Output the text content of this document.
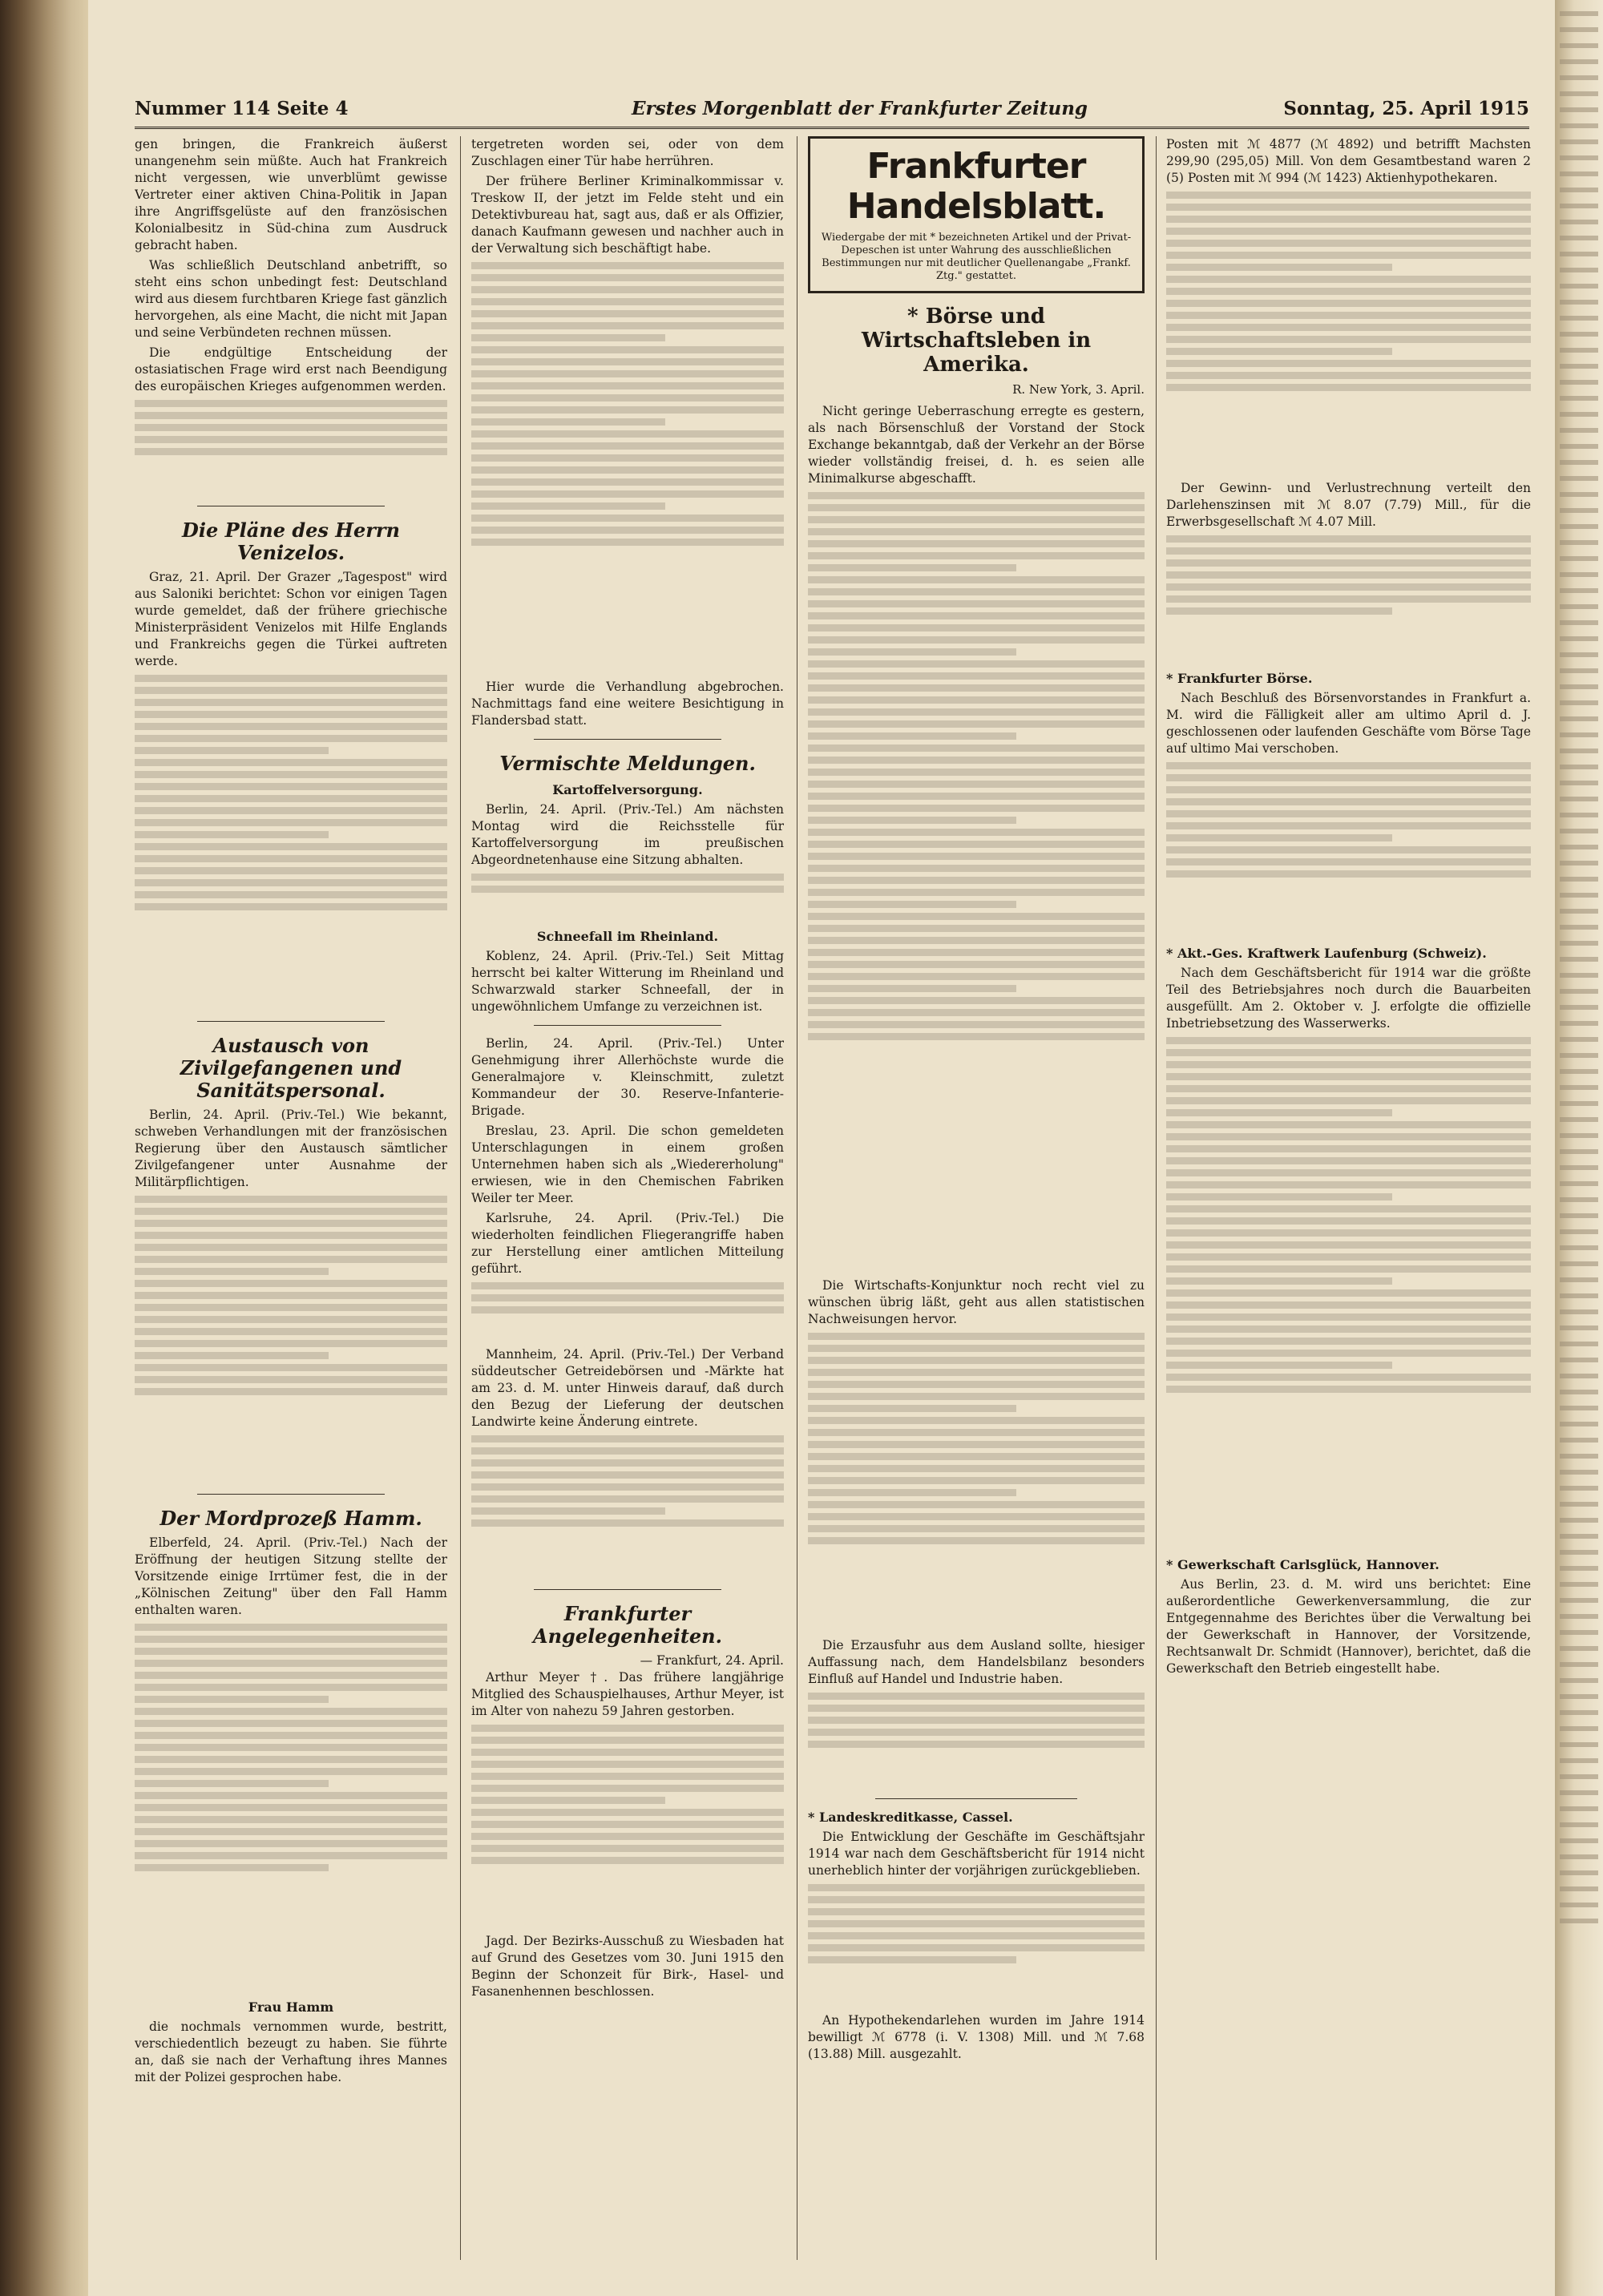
Nummer 114 Seite 4	Erstes Morgenblatt der Frankfurter Zeitung	Sonntag, 25. April 1915

gen bringen, die Frankreich äußerst unangenehm sein müßte. Auch hat Frankreich nicht vergessen, wie unverblümt gewisse Vertreter einer aktiven China-Politik in Japan ihre Angriffsgelüste auf den französischen Kolonialbesitz in Süd-china zum Ausdruck gebracht haben.

Was schließlich Deutschland anbetrifft, so steht eins schon unbedingt fest: Deutschland wird aus diesem furchtbaren Kriege fast gänzlich hervorgehen, als eine Macht, die nicht mit Japan und seine Verbündeten rechnen müssen.

Die endgültige Entscheidung der ostasiatischen Frage wird erst nach Beendigung des europäischen Krieges aufgenommen werden.

Die Pläne des Herrn Venizelos.

Graz, 21. April. Der Grazer „Tagespost" wird aus Saloniki berichtet: Schon vor einigen Tagen wurde gemeldet, daß der frühere griechische Ministerpräsident Venizelos mit Hilfe Englands und Frankreichs gegen die Türkei auftreten werde.

Austausch von Zivilgefangenen und Sanitätspersonal.

Berlin, 24. April. (Priv.-Tel.) Wie bekannt, schweben Verhandlungen mit der französischen Regierung über den Austausch sämtlicher Zivilgefangener unter Ausnahme der Militärpflichtigen.

Der Mordprozeß Hamm.

Elberfeld, 24. April. (Priv.-Tel.) Nach der Eröffnung der heutigen Sitzung stellte der Vorsitzende einige Irrtümer fest, die in der „Kölnischen Zeitung" über den Fall Hamm enthalten waren.

Frau Hamm

die nochmals vernommen wurde, bestritt, verschiedentlich bezeugt zu haben. Sie führte an, daß sie nach der Verhaftung ihres Mannes mit der Polizei gesprochen habe.

tergetreten worden sei, oder von dem Zuschlagen einer Tür habe herrühren.

Der frühere Berliner Kriminalkommissar v. Treskow II, der jetzt im Felde steht und ein Detektivbureau hat, sagt aus, daß er als Offizier, danach Kaufmann gewesen und nachher auch in der Verwaltung sich beschäftigt habe.

Hier wurde die Verhandlung abgebrochen. Nachmittags fand eine weitere Besichtigung in Flandersbad statt.

Vermischte Meldungen.
Kartoffelversorgung.

Berlin, 24. April. (Priv.-Tel.) Am nächsten Montag wird die Reichsstelle für Kartoffelversorgung im preußischen Abgeordnetenhause eine Sitzung abhalten.

Schneefall im Rheinland.

Koblenz, 24. April. (Priv.-Tel.) Seit Mittag herrscht bei kalter Witterung im Rheinland und Schwarzwald starker Schneefall, der in ungewöhnlichem Umfange zu verzeichnen ist.

Berlin, 24. April. (Priv.-Tel.) Unter Genehmigung ihrer Allerhöchste wurde die Generalmajore v. Kleinschmitt, zuletzt Kommandeur der 30. Reserve-Infanterie-Brigade.

Breslau, 23. April. Die schon gemeldeten Unterschlagungen in einem großen Unternehmen haben sich als „Wiedererholung" erwiesen, wie in den Chemischen Fabriken Weiler ter Meer.

Karlsruhe, 24. April. (Priv.-Tel.) Die wiederholten feindlichen Fliegerangriffe haben zur Herstellung einer amtlichen Mitteilung geführt.

Mannheim, 24. April. (Priv.-Tel.) Der Verband süddeutscher Getreidebörsen und -Märkte hat am 23. d. M. unter Hinweis darauf, daß durch den Bezug der Lieferung der deutschen Landwirte keine Änderung eintrete.

Frankfurter Angelegenheiten.
— Frankfurt, 24. April.

Arthur Meyer †. Das frühere langjährige Mitglied des Schauspielhauses, Arthur Meyer, ist im Alter von nahezu 59 Jahren gestorben.

Jagd. Der Bezirks-Ausschuß zu Wiesbaden hat auf Grund des Gesetzes vom 30. Juni 1915 den Beginn der Schonzeit für Birk-, Hasel- und Fasanenhennen beschlossen.

Frankfurter Handelsblatt.
Wiedergabe der mit * bezeichneten Artikel und der Privat-Depeschen ist unter Wahrung des ausschließlichen Bestimmungen nur mit deutlicher Quellenangabe „Frankf. Ztg." gestattet.
* Börse und Wirtschaftsleben in Amerika.
R. New York, 3. April.

Nicht geringe Ueberraschung erregte es gestern, als nach Börsenschluß der Vorstand der Stock Exchange bekanntgab, daß der Verkehr an der Börse wieder vollständig freisei, d. h. es seien alle Minimalkurse abgeschafft.

Die Wirtschafts-Konjunktur noch recht viel zu wünschen übrig läßt, geht aus allen statistischen Nachweisungen hervor.

Die Erzausfuhr aus dem Ausland sollte, hiesiger Auffassung nach, dem Handelsbilanz besonders Einfluß auf Handel und Industrie haben.

* Landeskreditkasse, Cassel.

Die Entwicklung der Geschäfte im Geschäftsjahr 1914 war nach dem Geschäftsbericht für 1914 nicht unerheblich hinter der vorjährigen zurückgeblieben.

An Hypothekendarlehen wurden im Jahre 1914 bewilligt ℳ 6778 (i. V. 1308) Mill. und ℳ 7.68 (13.88) Mill. ausgezahlt.

Posten mit ℳ 4877 (ℳ 4892) und betrifft Machsten 299,90 (295,05) Mill. Von dem Gesamtbestand waren 2 (5) Posten mit ℳ 994 (ℳ 1423) Aktienhypothekaren.

Der Gewinn- und Verlustrechnung verteilt den Darlehenszinsen mit ℳ 8.07 (7.79) Mill., für die Erwerbsgesellschaft ℳ 4.07 Mill.

* Frankfurter Börse.

Nach Beschluß des Börsenvorstandes in Frankfurt a. M. wird die Fälligkeit aller am ultimo April d. J. geschlossenen oder laufenden Geschäfte vom Börse Tage auf ultimo Mai verschoben.

* Akt.-Ges. Kraftwerk Laufenburg (Schweiz).

Nach dem Geschäftsbericht für 1914 war die größte Teil des Betriebsjahres noch durch die Bauarbeiten ausgefüllt. Am 2. Oktober v. J. erfolgte die offizielle Inbetriebsetzung des Wasserwerks.

* Gewerkschaft Carlsglück, Hannover.

Aus Berlin, 23. d. M. wird uns berichtet: Eine außerordentliche Gewerkenversammlung, die zur Entgegennahme des Berichtes über die Verwaltung bei der Gewerkschaft in Hannover, der Vorsitzende, Rechtsanwalt Dr. Schmidt (Hannover), berichtet, daß die Gewerkschaft den Betrieb eingestellt habe.
